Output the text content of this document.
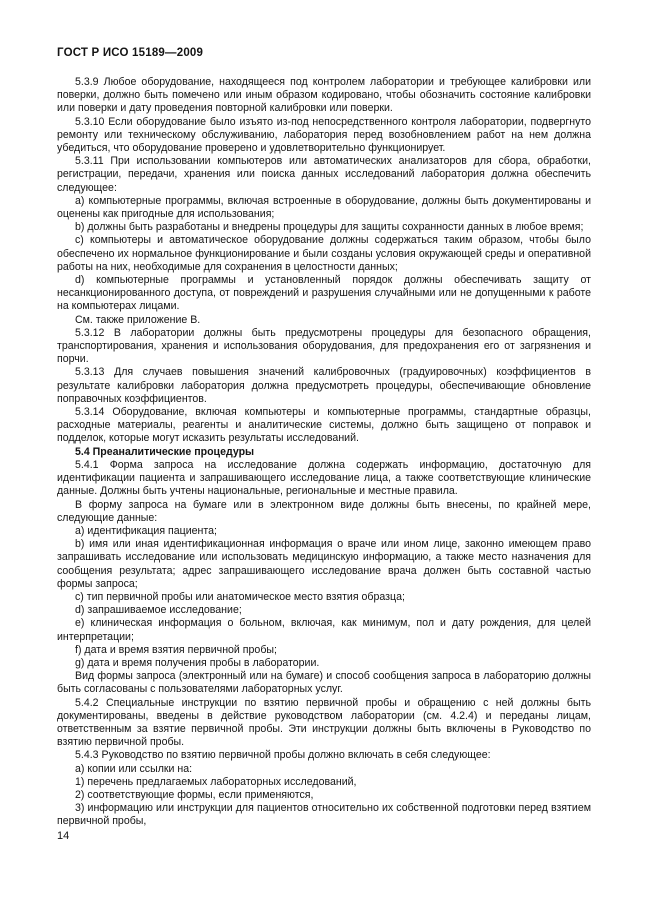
ГОСТ Р ИСО 15189—2009

5.3.9 Любое оборудование, находящееся под контролем лаборатории и требующее калибровки или поверки, должно быть помечено или иным образом кодировано, чтобы обозначить состояние калибровки или поверки и дату проведения повторной калибровки или поверки.

5.3.10 Если оборудование было изъято из-под непосредственного контроля лаборатории, подвергнуто ремонту или техническому обслуживанию, лаборатория перед возобновлением работ на нем должна убедиться, что оборудование проверено и удовлетворительно функционирует.

5.3.11 При использовании компьютеров или автоматических анализаторов для сбора, обработки, регистрации, передачи, хранения или поиска данных исследований лаборатория должна обеспечить следующее:

a) компьютерные программы, включая встроенные в оборудование, должны быть документированы и оценены как пригодные для использования;

b) должны быть разработаны и внедрены процедуры для защиты сохранности данных в любое время;

c) компьютеры и автоматическое оборудование должны содержаться таким образом, чтобы было обеспечено их нормальное функционирование и были созданы условия окружающей среды и оперативной работы на них, необходимые для сохранения в целостности данных;

d) компьютерные программы и установленный порядок должны обеспечивать защиту от несанкционированного доступа, от повреждений и разрушения случайными или не допущенными к работе на компьютерах лицами.

См. также приложение В.

5.3.12 В лаборатории должны быть предусмотрены процедуры для безопасного обращения, транспортирования, хранения и использования оборудования, для предохранения его от загрязнения и порчи.

5.3.13 Для случаев повышения значений калибровочных (градуировочных) коэффициентов в результате калибровки лаборатория должна предусмотреть процедуры, обеспечивающие обновление поправочных коэффициентов.

5.3.14 Оборудование, включая компьютеры и компьютерные программы, стандартные образцы, расходные материалы, реагенты и аналитические системы, должно быть защищено от поправок и подделок, которые могут исказить результаты исследований.

5.4 Преаналитические процедуры

5.4.1 Форма запроса на исследование должна содержать информацию, достаточную для идентификации пациента и запрашивающего исследование лица, а также соответствующие клинические данные. Должны быть учтены национальные, региональные и местные правила.

В форму запроса на бумаге или в электронном виде должны быть внесены, по крайней мере, следующие данные:

a) идентификация пациента;

b) имя или иная идентификационная информация о враче или ином лице, законно имеющем право запрашивать исследование или использовать медицинскую информацию, а также место назначения для сообщения результата; адрес запрашивающего исследование врача должен быть составной частью формы запроса;

c) тип первичной пробы или анатомическое место взятия образца;

d) запрашиваемое исследование;

e) клиническая информация о больном, включая, как минимум, пол и дату рождения, для целей интерпретации;

f) дата и время взятия первичной пробы;

g) дата и время получения пробы в лаборатории.

Вид формы запроса (электронный или на бумаге) и способ сообщения запроса в лабораторию должны быть согласованы с пользователями лабораторных услуг.

5.4.2 Специальные инструкции по взятию первичной пробы и обращению с ней должны быть документированы, введены в действие руководством лаборатории (см. 4.2.4) и переданы лицам, ответственным за взятие первичной пробы. Эти инструкции должны быть включены в Руководство по взятию первичной пробы.

5.4.3 Руководство по взятию первичной пробы должно включать в себя следующее:

а) копии или ссылки на:

1) перечень предлагаемых лабораторных исследований,

2) соответствующие формы, если применяются,

3) информацию или инструкции для пациентов относительно их собственной подготовки перед взятием первичной пробы,

14
